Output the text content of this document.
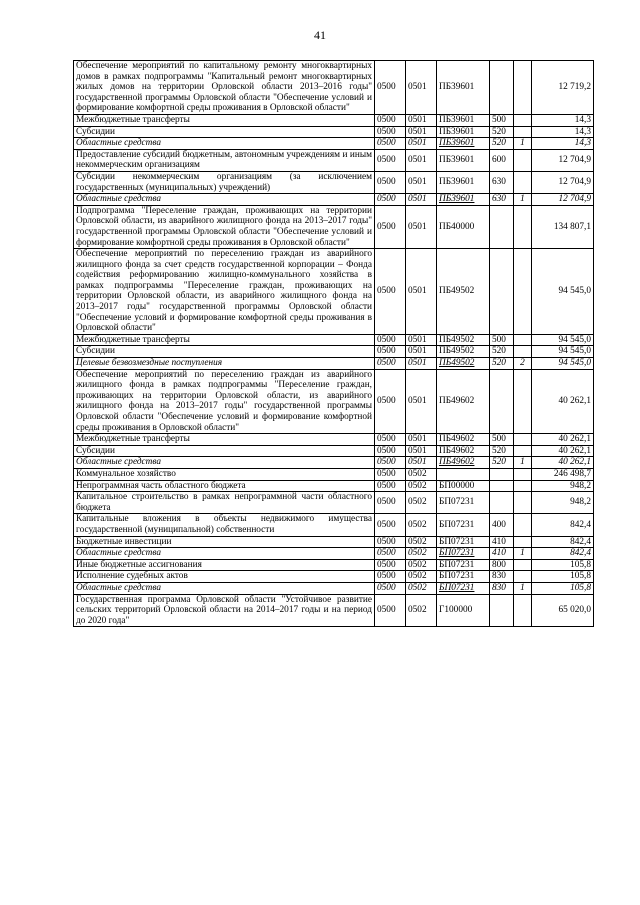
41
Обеспечение мероприятий по капитальному ремонту многоквартирных домов в рамках подпрограммы "Капитальный ремонт многоквартирных жилых домов на территории Орловской области 2013–2016 годы" государственной программы Орловской области "Обеспечение условий и формирование комфортной среды проживания в Орловской области"	0500	0501	ПБ39601			12 719,2
Межбюджетные трансферты	0500	0501	ПБ39601	500		14,3
Субсидии	0500	0501	ПБ39601	520		14,3
Областные средства	0500	0501	ПБ39601	520	1	14,3
Предоставление субсидий бюджетным, автономным учреждениям и иным некоммерческим организациям	0500	0501	ПБ39601	600		12 704,9
Субсидии некоммерческим организациям (за исключением государственных (муниципальных) учреждений)	0500	0501	ПБ39601	630		12 704,9
Областные средства	0500	0501	ПБ39601	630	1	12 704,9
Подпрограмма "Переселение граждан, проживающих на территории Орловской области, из аварийного жилищного фонда на 2013–2017 годы" государственной программы Орловской области "Обеспечение условий и формирование комфортной среды проживания в Орловской области"	0500	0501	ПБ40000			134 807,1
Обеспечение мероприятий по переселению граждан из аварийного жилищного фонда за счет средств государственной корпорации – Фонда содействия реформированию жилищно-коммунального хозяйства в рамках подпрограммы "Переселение граждан, проживающих на территории Орловской области, из аварийного жилищного фонда на 2013–2017 годы" государственной программы Орловской области "Обеспечение условий и формирование комфортной среды проживания в Орловской области"	0500	0501	ПБ49502			94 545,0
Межбюджетные трансферты	0500	0501	ПБ49502	500		94 545,0
Субсидии	0500	0501	ПБ49502	520		94 545,0
Целевые безвозмездные поступления	0500	0501	ПБ49502	520	2	94 545,0
Обеспечение мероприятий по переселению граждан из аварийного жилищного фонда в рамках подпрограммы "Переселение граждан, проживающих на территории Орловской области, из аварийного жилищного фонда на 2013–2017 годы" государственной программы Орловской области "Обеспечение условий и формирование комфортной среды проживания в Орловской области"	0500	0501	ПБ49602			40 262,1
Межбюджетные трансферты	0500	0501	ПБ49602	500		40 262,1
Субсидии	0500	0501	ПБ49602	520		40 262,1
Областные средства	0500	0501	ПБ49602	520	1	40 262,1
Коммунальное хозяйство	0500	0502				246 498,7
Непрограммная часть областного бюджета	0500	0502	БП00000			948,2
Капитальное строительство в рамках непрограммной части областного бюджета	0500	0502	БП07231			948,2
Капитальные вложения в объекты недвижимого имущества государственной (муниципальной) собственности	0500	0502	БП07231	400		842,4
Бюджетные инвестиции	0500	0502	БП07231	410		842,4
Областные средства	0500	0502	БП07231	410	1	842,4
Иные бюджетные ассигнования	0500	0502	БП07231	800		105,8
Исполнение судебных актов	0500	0502	БП07231	830		105,8
Областные средства	0500	0502	БП07231	830	1	105,8
Государственная программа Орловской области "Устойчивое развитие сельских территорий Орловской области на 2014–2017 годы и на период до 2020 года"	0500	0502	Г100000			65 020,0
